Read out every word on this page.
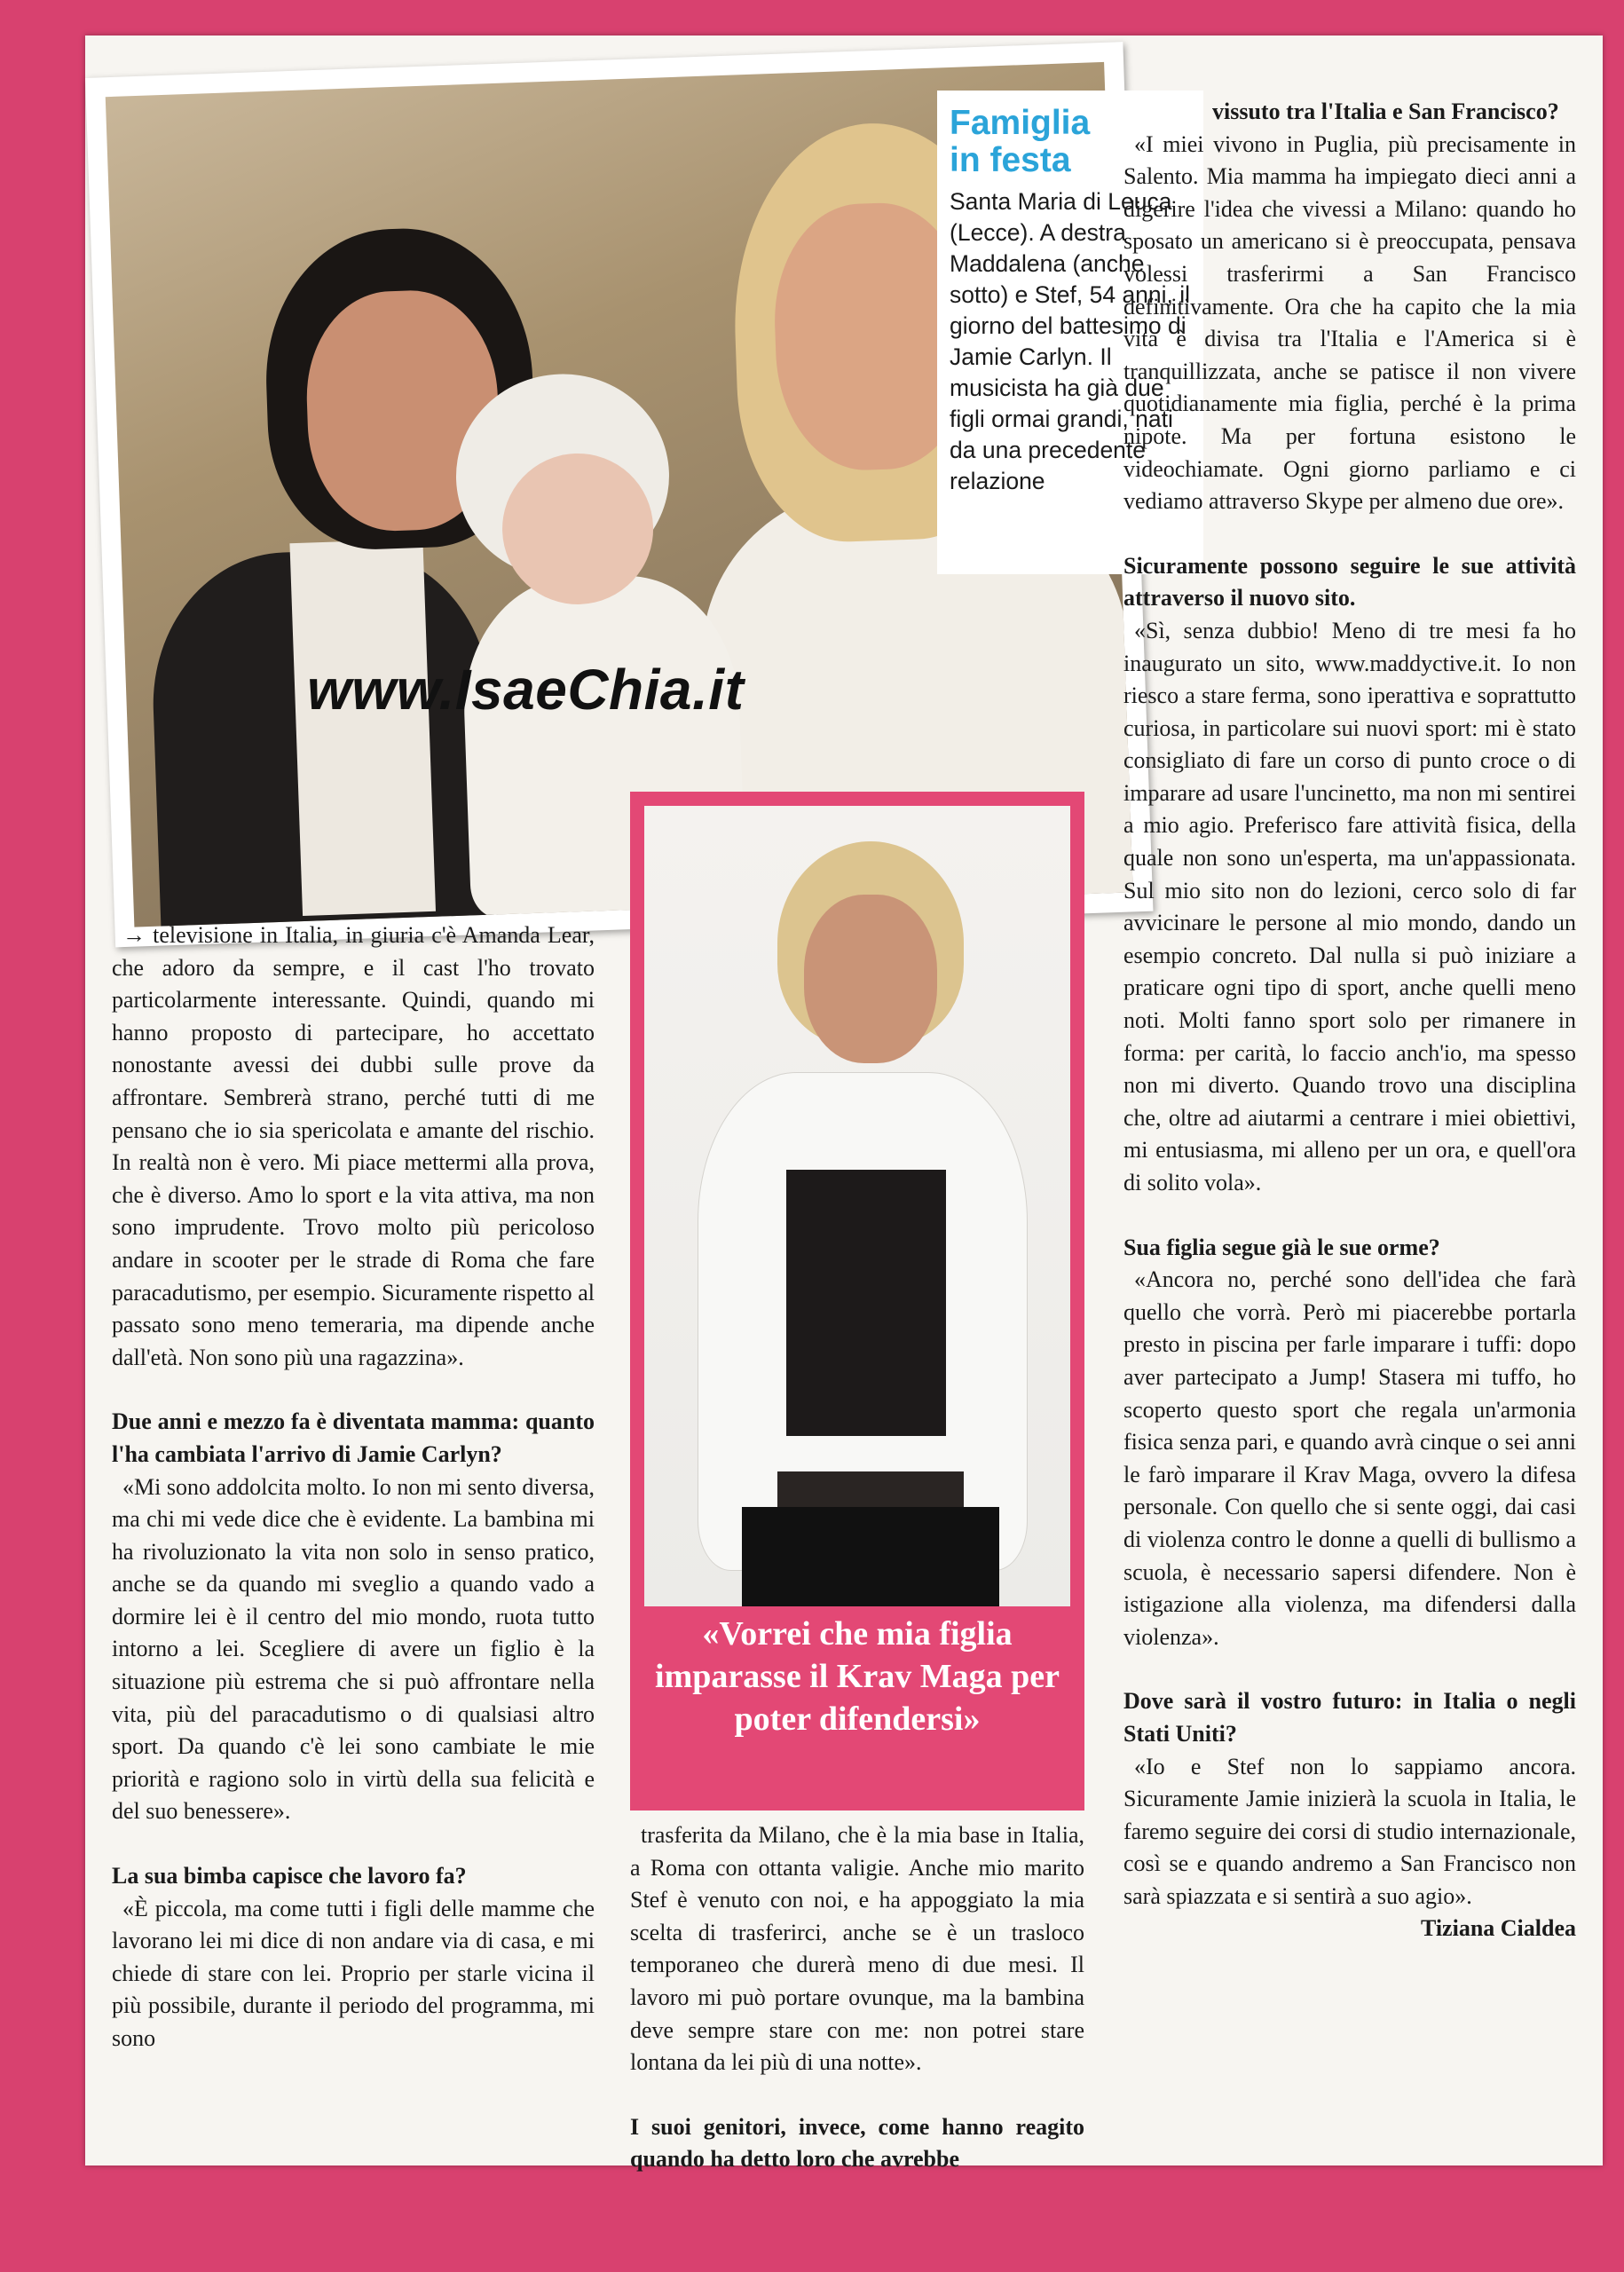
www.IsaeChia.it
Famiglia
in festa
Santa Maria di Leuca (Lecce). A destra Maddalena (anche sotto) e Stef, 54 anni, il giorno del battesimo di Jamie Carlyn. Il musicista ha già due figli ormai grandi, nati da una precedente relazione

→ televisione in Italia, in giuria c'è Amanda Lear, che adoro da sempre, e il cast l'ho trovato particolarmente interessante. Quindi, quando mi hanno proposto di partecipare, ho accettato nonostante avessi dei dubbi sulle prove da affrontare. Sembrerà strano, perché tutti di me pensano che io sia spericolata e amante del rischio. In realtà non è vero. Mi piace mettermi alla prova, che è diverso. Amo lo sport e la vita attiva, ma non sono imprudente. Trovo molto più pericoloso andare in scooter per le strade di Roma che fare paracadutismo, per esempio. Sicuramente rispetto al passato sono meno temeraria, ma dipende anche dall'età. Non sono più una ragazzina».

Due anni e mezzo fa è diventata mamma: quanto l'ha cambiata l'arrivo di Jamie Carlyn?

«Mi sono addolcita molto. Io non mi sento diversa, ma chi mi vede dice che è evidente. La bambina mi ha rivoluzionato la vita non solo in senso pratico, anche se da quando mi sveglio a quando vado a dormire lei è il centro del mio mondo, ruota tutto intorno a lei. Scegliere di avere un figlio è la situazione più estrema che si può affrontare nella vita, più del paracadutismo o di qualsiasi altro sport. Da quando c'è lei sono cambiate le mie priorità e ragiono solo in virtù della sua felicità e del suo benessere».

La sua bimba capisce che lavoro fa?

«È piccola, ma come tutti i figli delle mamme che lavorano lei mi dice di non andare via di casa, e mi chiede di stare con lei. Proprio per starle vicina il più possibile, durante il periodo del programma, mi sono

«Vorrei che mia figlia imparasse il Krav Maga per poter difendersi»

trasferita da Milano, che è la mia base in Italia, a Roma con ottanta valigie. Anche mio marito Stef è venuto con noi, e ha appoggiato la mia scelta di trasferirci, anche se è un trasloco temporaneo che durerà meno di due mesi. Il lavoro mi può portare ovunque, ma la bambina deve sempre stare con me: non potrei stare lontana da lei più di una notte».

I suoi genitori, invece, come hanno reagito quando ha detto loro che avrebbe

vissuto tra l'Italia e San Francisco?

«I miei vivono in Puglia, più precisamente in Salento. Mia mamma ha impiegato dieci anni a digerire l'idea che vivessi a Milano: quando ho sposato un americano si è preoccupata, pensava volessi trasferirmi a San Francisco definitivamente. Ora che ha capito che la mia vita è divisa tra l'Italia e l'America si è tranquillizzata, anche se patisce il non vivere quotidianamente mia figlia, perché è la prima nipote. Ma per fortuna esistono le videochiamate. Ogni giorno parliamo e ci vediamo attraverso Skype per almeno due ore».

Sicuramente possono seguire le sue attività attraverso il nuovo sito.

«Sì, senza dubbio! Meno di tre mesi fa ho inaugurato un sito, www.maddyctive.it. Io non riesco a stare ferma, sono iperattiva e soprattutto curiosa, in particolare sui nuovi sport: mi è stato consigliato di fare un corso di punto croce o di imparare ad usare l'uncinetto, ma non mi sentirei a mio agio. Preferisco fare attività fisica, della quale non sono un'esperta, ma un'appassionata. Sul mio sito non do lezioni, cerco solo di far avvicinare le persone al mio mondo, dando un esempio concreto. Dal nulla si può iniziare a praticare ogni tipo di sport, anche quelli meno noti. Molti fanno sport solo per rimanere in forma: per carità, lo faccio anch'io, ma spesso non mi diverto. Quando trovo una disciplina che, oltre ad aiutarmi a centrare i miei obiettivi, mi entusiasma, mi alleno per un ora, e quell'ora di solito vola».

Sua figlia segue già le sue orme?

«Ancora no, perché sono dell'idea che farà quello che vorrà. Però mi piacerebbe portarla presto in piscina per farle imparare i tuffi: dopo aver partecipato a Jump! Stasera mi tuffo, ho scoperto questo sport che regala un'armonia fisica senza pari, e quando avrà cinque o sei anni le farò imparare il Krav Maga, ovvero la difesa personale. Con quello che si sente oggi, dai casi di violenza contro le donne a quelli di bullismo a scuola, è necessario sapersi difendere. Non è istigazione alla violenza, ma difendersi dalla violenza».

Dove sarà il vostro futuro: in Italia o negli Stati Uniti?

«Io e Stef non lo sappiamo ancora. Sicuramente Jamie inizierà la scuola in Italia, le faremo seguire dei corsi di studio internazionale, così se e quando andremo a San Francisco non sarà spiazzata e si sentirà a suo agio».

Tiziana Cialdea
